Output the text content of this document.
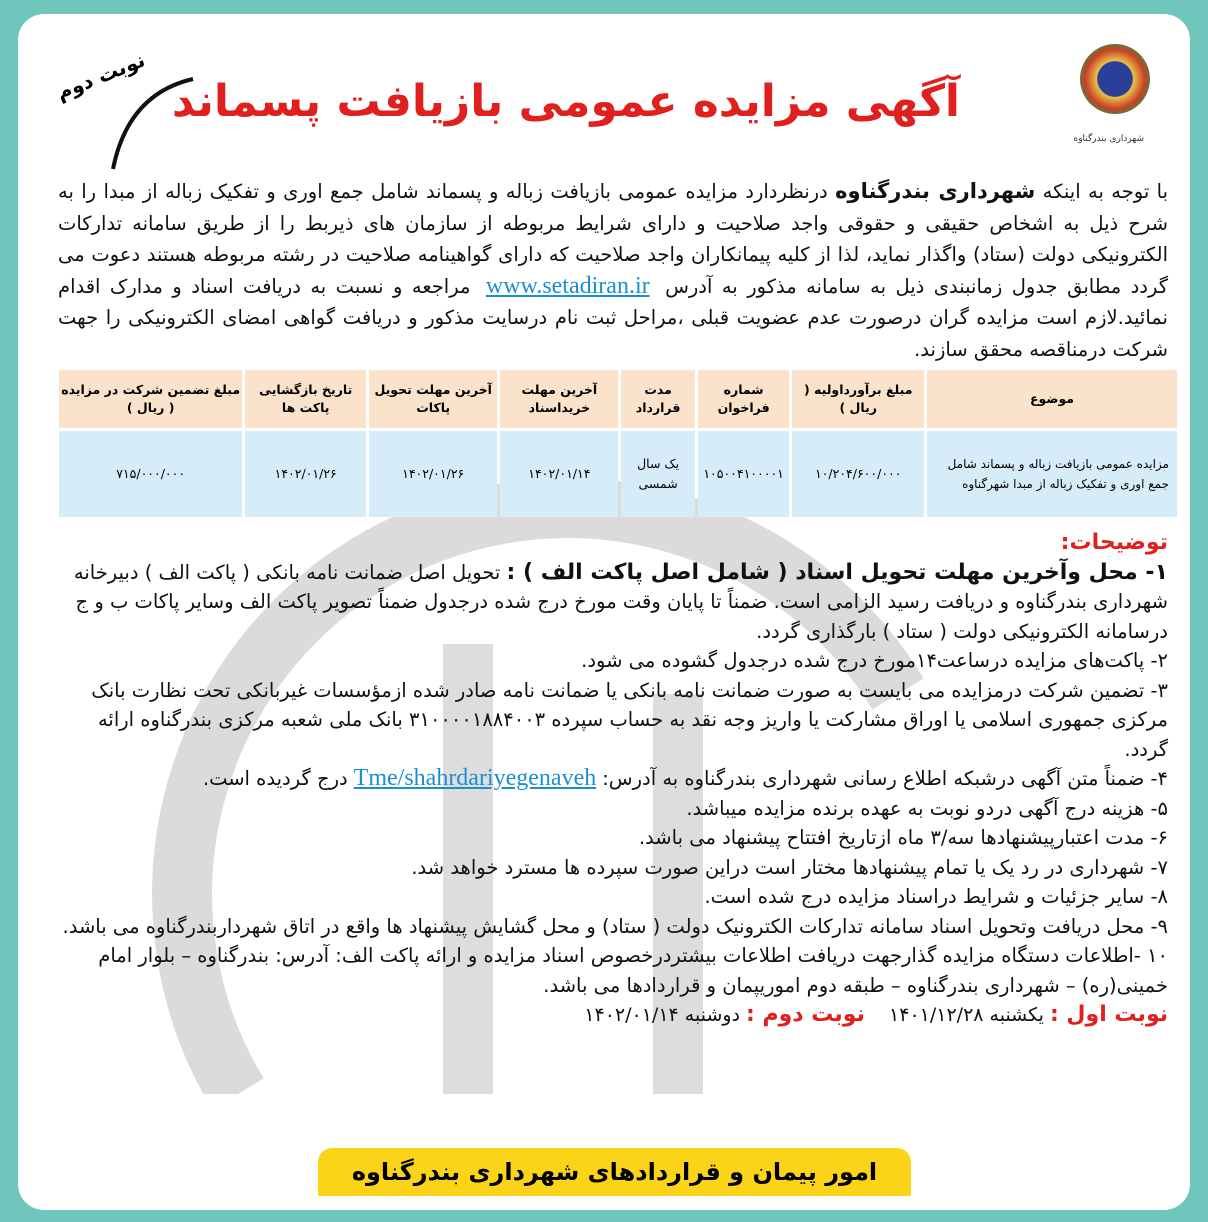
شهرداری بندرگناوه
آگهی مزایده عمومی بازیافت پسماند
نوبت دوم
با توجه به اینکه شهرداری بندرگناوه درنظردارد مزایده عمومی بازیافت زباله و پسماند شامل جمع اوری و تفکیک زباله از مبدا را به شرح ذیل به اشخاص حقیقی و حقوقی واجد صلاحیت و دارای شرایط مربوطه از سازمان های ذیربط را از طریق سامانه تدارکات الکترونیکی دولت (ستاد) واگذار نماید، لذا از کلیه پیمانکاران واجد صلاحیت که دارای گواهینامه صلاحیت در رشته مربوطه هستند دعوت می گردد مطابق جدول زمانبندی ذیل به سامانه مذکور به آدرس www.setadiran.ir مراجعه و نسبت به دریافت اسناد و مدارک اقدام نمائید.لازم است مزایده گران درصورت عدم عضویت قبلی ،مراحل ثبت نام درسایت مذکور و دریافت گواهی امضای الکترونیکی را جهت شرکت درمناقصه محقق سازند.
موضوع	مبلغ برآورداولیه ( ریال )	شماره فراخوان	مدت قرارداد	آخرین مهلت خریداسناد	آخرین مهلت تحویل پاکات	تاریخ بازگشایی پاکت ها	مبلغ تضمین شرکت در مزایده ( ریال )
مزایده عمومی بازیافت زباله و پسماند شامل جمع اوری و تفکیک زباله از مبدا شهرگناوه	۱۰/۲۰۴/۶۰۰/۰۰۰	۱۰۵۰۰۴۱۰۰۰۰۱	یک سال شمسی	۱۴۰۲/۰۱/۱۴	۱۴۰۲/۰۱/۲۶	۱۴۰۲/۰۱/۲۶	۷۱۵/۰۰۰/۰۰۰
توضیحات:

۱- محل وآخرین مهلت تحویل اسناد ( شامل اصل پاکت الف ) : تحویل اصل ضمانت نامه بانکی ( پاکت الف ) دبیرخانه شهرداری بندرگناوه و دریافت رسید الزامی است. ضمناً تا پایان وقت مورخ درج شده درجدول ضمناً تصویر پاکت الف وسایر پاکات ب و ج درسامانه الکترونیکی دولت ( ستاد ) بارگذاری گردد.

۲- پاکت‌های مزایده درساعت۱۴مورخ درج شده درجدول گشوده می شود.

۳- تضمین شرکت درمزایده می بایست به صورت ضمانت نامه بانکی یا ضمانت نامه صادر شده ازمؤسسات غیربانکی تحت نظارت بانک مرکزی جمهوری اسلامی یا اوراق مشارکت یا واریز وجه نقد به حساب سپرده ۳۱۰۰۰۰۱۸۸۴۰۰۳ بانک ملی شعبه مرکزی بندرگناوه ارائه گردد.

۴- ضمناً متن آگهی درشبکه اطلاع رسانی شهرداری بندرگناوه به آدرس:Tme/shahrdariyegenavehدرج گردیده است.

۵- هزینه درج آگهی دردو نوبت به عهده برنده مزایده میباشد.

۶- مدت اعتبارپیشنهادها سه/۳ ماه ازتاریخ افتتاح پیشنهاد می باشد.

۷- شهرداری در رد یک یا تمام پیشنهادها مختار است دراین صورت سپرده ها مسترد خواهد شد.

۸- سایر جزئیات و شرایط دراسناد مزایده درج شده است.

۹- محل دریافت وتحویل اسناد سامانه تدارکات الکترونیک دولت ( ستاد) و محل گشایش پیشنهاد ها واقع در اتاق شهرداربندرگناوه می باشد.

۱۰ -اطلاعات دستگاه مزایده گذارجهت دریافت اطلاعات بیشتردرخصوص اسناد مزایده و ارائه پاکت الف: آدرس: بندرگناوه – بلوار امام خمینی(ره) – شهرداری بندرگناوه – طبقه دوم اموریپمان و قراردادها می باشد.

نوبت اول : یکشنبه ۱۴۰۱/۱۲/۲۸    نوبت دوم : دوشنبه ۱۴۰۲/۰۱/۱۴

امور پیمان و قراردادهای شهرداری بندرگناوه
